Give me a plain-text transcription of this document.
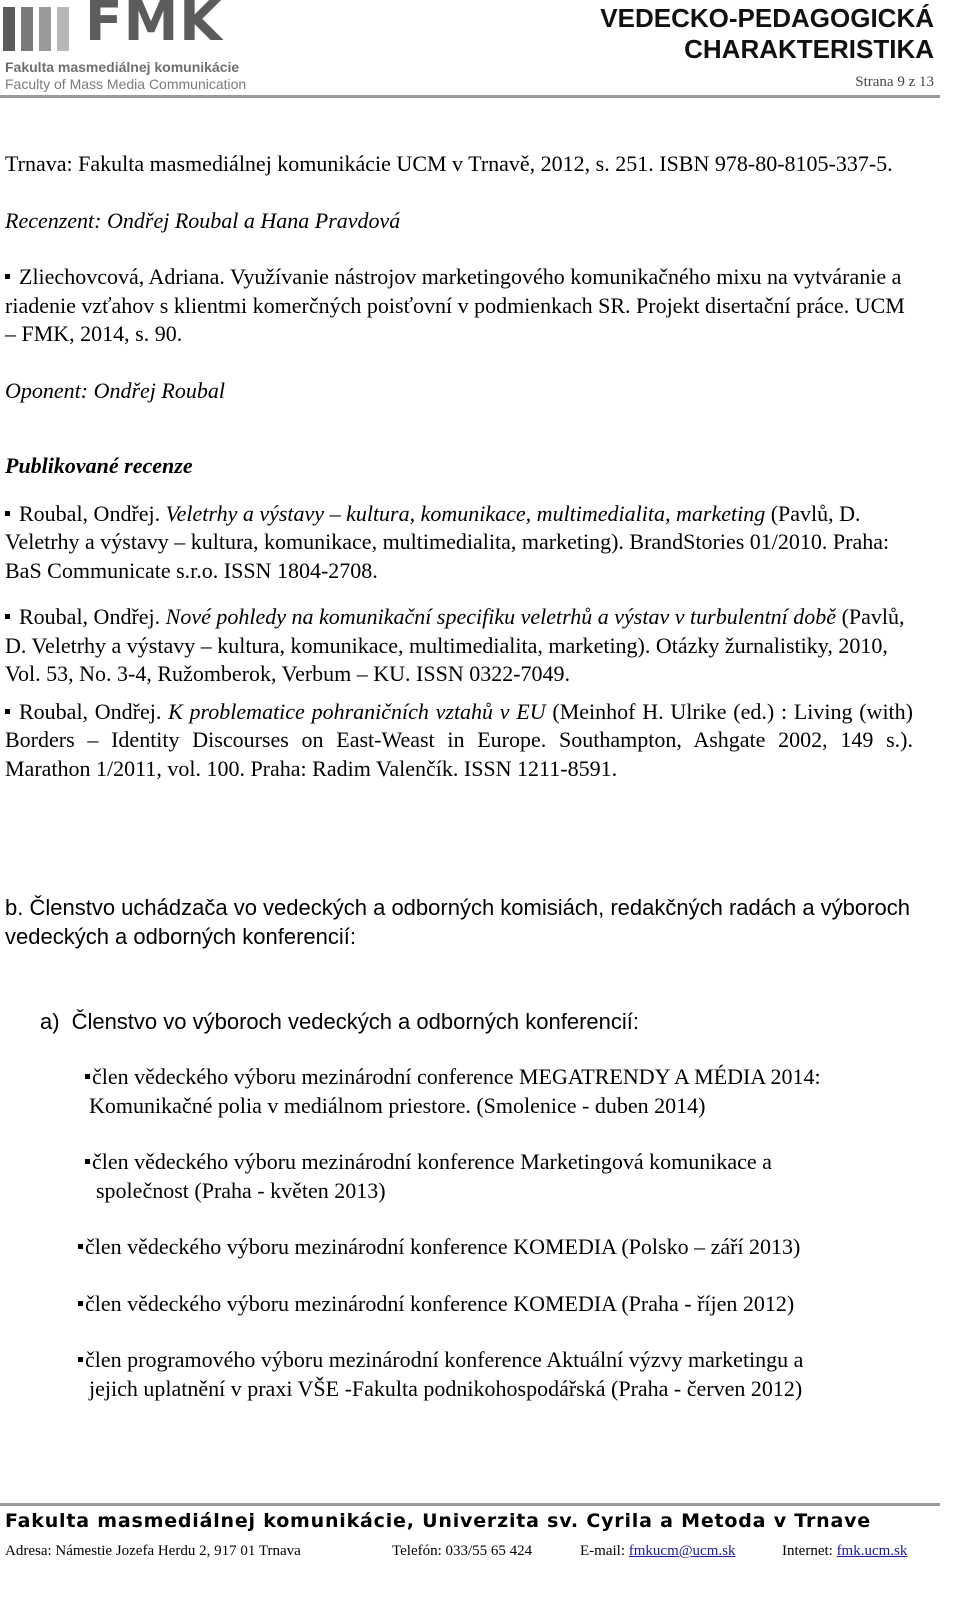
FMK
Fakulta masmediálnej komunikácie
Faculty of Mass Media Communication
VEDECKO-PEDAGOGICKÁ
CHARAKTERISTIKA
Strana 9 z 13

Trnava: Fakulta masmediálnej komunikácie UCM v Trnavě, 2012, s. 251. ISBN 978-80-8105-337-5.

Recenzent: Ondřej Roubal a Hana Pravdová

Zliechovcová, Adriana. Využívanie nástrojov marketingového komunikačného mixu na vytváranie a riadenie vzťahov s klientmi komerčných poisťovní v podmienkach SR. Projekt disertační práce. UCM – FMK, 2014, s. 90.

Oponent: Ondřej Roubal

Publikované recenze

Roubal, Ondřej. Veletrhy a výstavy – kultura, komunikace, multimedialita, marketing (Pavlů, D. Veletrhy a výstavy – kultura, komunikace, multimedialita, marketing). BrandStories 01/2010. Praha: BaS Communicate s.r.o. ISSN 1804-2708.

Roubal, Ondřej. Nové pohledy na komunikační specifiku veletrhů a výstav v turbulentní době (Pavlů, D. Veletrhy a výstavy – kultura, komunikace, multimedialita, marketing). Otázky žurnalistiky, 2010, Vol. 53, No. 3-4, Ružomberok, Verbum – KU. ISSN 0322-7049.

Roubal, Ondřej. K problematice pohraničních vztahů v EU (Meinhof H. Ulrike (ed.) : Living (with) Borders – Identity Discourses on East-Weast in Europe. Southampton, Ashgate 2002, 149 s.). Marathon 1/2011, vol. 100. Praha: Radim Valenčík. ISSN 1211-8591.

b. Členstvo uchádzača vo vedeckých a odborných komisiách, redakčných radách a výboroch vedeckých a odborných konferencií:

a) Členstvo vo výboroch vedeckých a odborných konferencií:

člen vědeckého výboru mezinárodní conference MEGATRENDY A MÉDIA 2014:

Komunikačné polia v mediálnom priestore. (Smolenice - duben 2014)

člen vědeckého výboru mezinárodní konference Marketingová komunikace a

společnost (Praha - květen 2013)

člen vědeckého výboru mezinárodní konference KOMEDIA (Polsko – září 2013)

člen vědeckého výboru mezinárodní konference KOMEDIA (Praha - říjen 2012)

člen programového výboru mezinárodní konference Aktuální výzvy marketingu a

jejich uplatnění v praxi VŠE -Fakulta podnikohospodářská (Praha - červen 2012)

Fakulta masmediálnej komunikácie, Univerzita sv. Cyrila a Metoda v Trnave
Adresa: Námestie Jozefa Herdu 2, 917 01 Trnava	Telefón: 033/55 65 424	E-mail: fmkucm@ucm.sk	Internet: fmk.ucm.sk
